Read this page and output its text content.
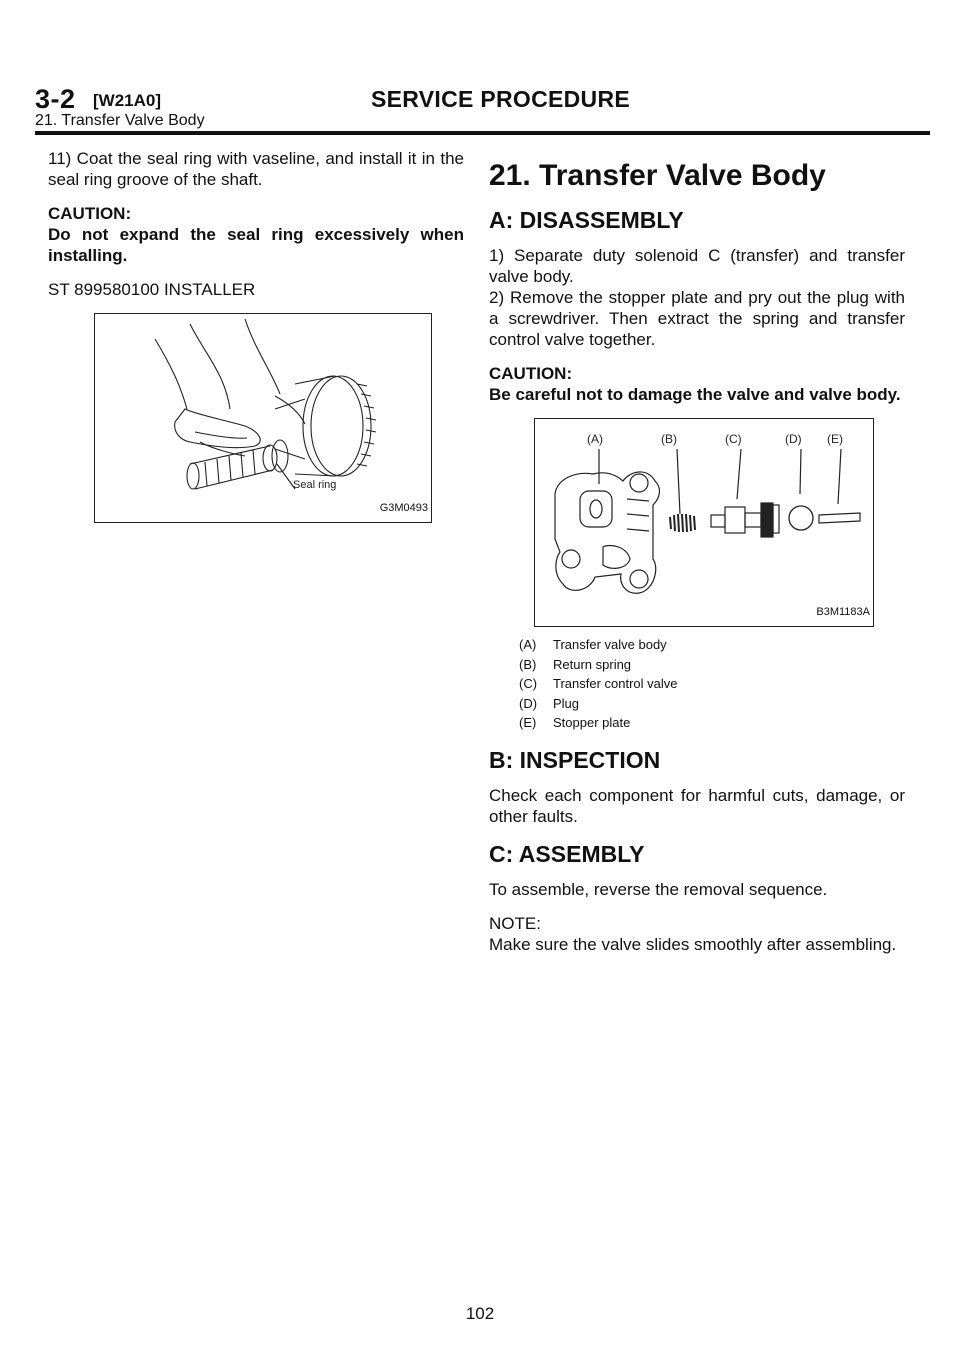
3-2 [W21A0]	SERVICE PROCEDURE
21. Transfer Valve Body

11) Coat the seal ring with vaseline, and install it in the seal ring groove of the shaft.

CAUTION:

Do not expand the seal ring excessively when installing.

ST 899580100 INSTALLER

Seal ring
G3M0493
21. Transfer Valve Body
A: DISASSEMBLY

1) Separate duty solenoid C (transfer) and transfer valve body.

2) Remove the stopper plate and pry out the plug with a screwdriver. Then extract the spring and transfer control valve together.

CAUTION:

Be careful not to damage the valve and valve body.

(A)	(B)	(C)	(D) (E)
B3M1183A
(A)	Transfer valve body
(B)	Return spring
(C)	Transfer control valve
(D)	Plug
(E)	Stopper plate
B: INSPECTION

Check each component for harmful cuts, damage, or other faults.

C: ASSEMBLY

To assemble, reverse the removal sequence.

NOTE:

Make sure the valve slides smoothly after assembling.

102
